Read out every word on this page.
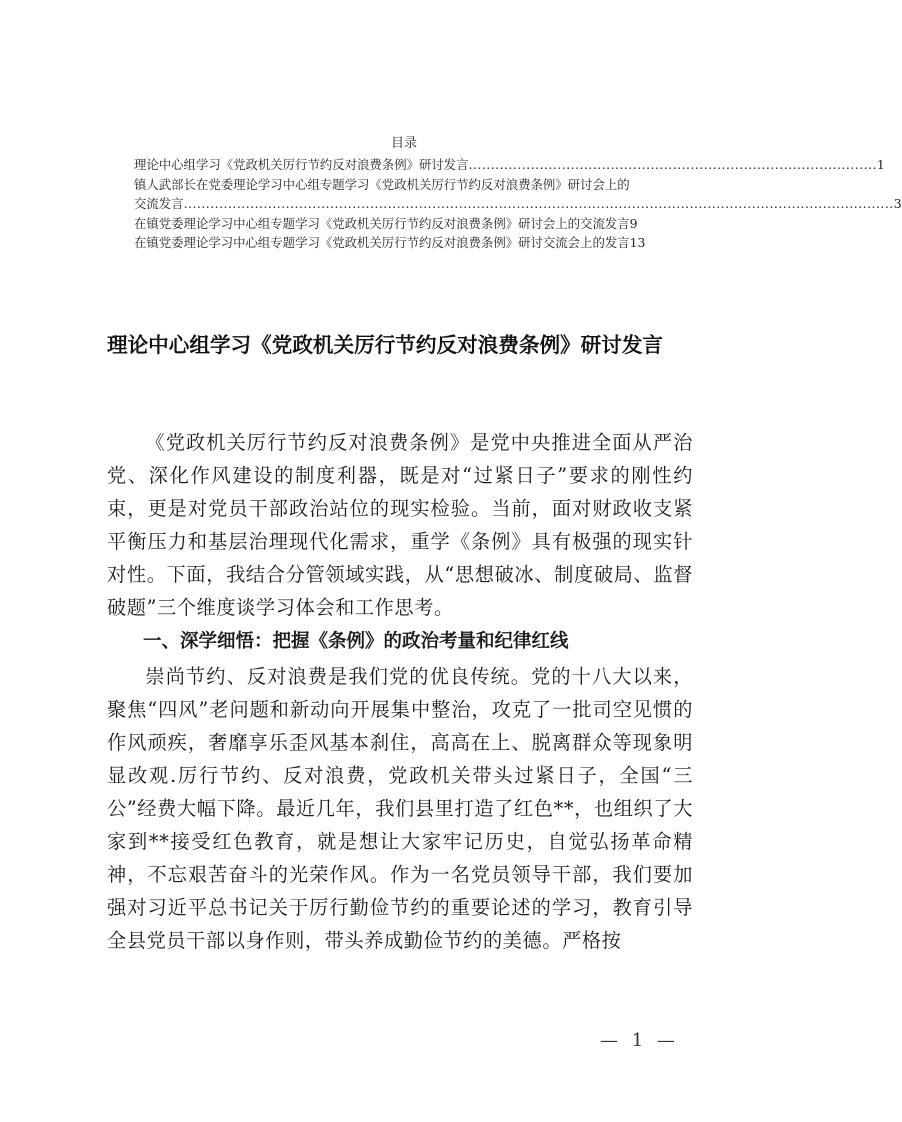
目录
理论中心组学习《党政机关厉行节约反对浪费条例》研讨发言 ............................................................................................ 1
镇人武部长在党委理论学习中心组专题学习《党政机关厉行节约反对浪费条例》研讨会上的
交流发言 ................................................................................................................................................................ 3
在镇党委理论学习中心组专题学习《党政机关厉行节约反对浪费条例》研讨会上的交流发言 9
在镇党委理论学习中心组专题学习《党政机关厉行节约反对浪费条例》研讨交流会上的发言 13
理论中心组学习《党政机关厉行节约反对浪费条例》研讨发言

《党政机关厉行节约反对浪费条例》是党中央推进全面从严治党、深化作风建设的制度利器，既是对“过紧日子”要求的刚性约束，更是对党员干部政治站位的现实检验。当前，面对财政收支紧平衡压力和基层治理现代化需求，重学《条例》具有极强的现实针对性。下面，我结合分管领域实践，从“思想破冰、制度破局、监督破题”三个维度谈学习体会和工作思考。

一、深学细悟：把握《条例》的政治考量和纪律红线

崇尚节约、反对浪费是我们党的优良传统。党的十八大以来，聚焦“四风”老问题和新动向开展集中整治，攻克了一批司空见惯的作风顽疾，奢靡享乐歪风基本刹住，高高在上、脱离群众等现象明显改观.厉行节约、反对浪费，党政机关带头过紧日子，全国“三公”经费大幅下降。最近几年，我们县里打造了红色**，也组织了大家到**接受红色教育，就是想让大家牢记历史，自觉弘扬革命精神，不忘艰苦奋斗的光荣作风。作为一名党员领导干部，我们要加强对习近平总书记关于厉行勤俭节约的重要论述的学习，教育引导全县党员干部以身作则，带头养成勤俭节约的美德。严格按

— 1 —
